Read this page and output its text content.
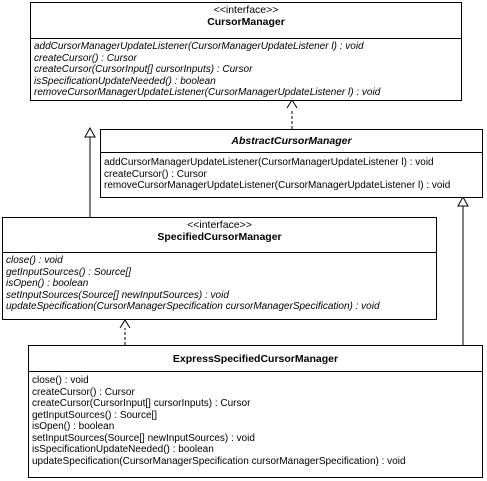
<<interface>>
CursorManager
addCursorManagerUpdateListener(CursorManagerUpdateListener l) : void
createCursor() : Cursor
createCursor(CursorInput[] cursorInputs) : Cursor
isSpecificationUpdateNeeded() : boolean
removeCursorManagerUpdateListener(CursorManagerUpdateListener l) : void
AbstractCursorManager
addCursorManagerUpdateListener(CursorManagerUpdateListener l) : void
createCursor() : Cursor
removeCursorManagerUpdateListener(CursorManagerUpdateListener l) : void
<<interface>>
SpecifiedCursorManager
close() : void
getInputSources() : Source[]
isOpen() : boolean
setInputSources(Source[] newInputSources) : void
updateSpecification(CursorManagerSpecification cursorManagerSpecification) : void
ExpressSpecifiedCursorManager
close() : void
createCursor() : Cursor
createCursor(CursorInput[] cursorInputs) : Cursor
getInputSources() : Source[]
isOpen() : boolean
setInputSources(Source[] newInputSources) : void
isSpecificationUpdateNeeded() : boolean
updateSpecification(CursorManagerSpecification cursorManagerSpecification) : void
